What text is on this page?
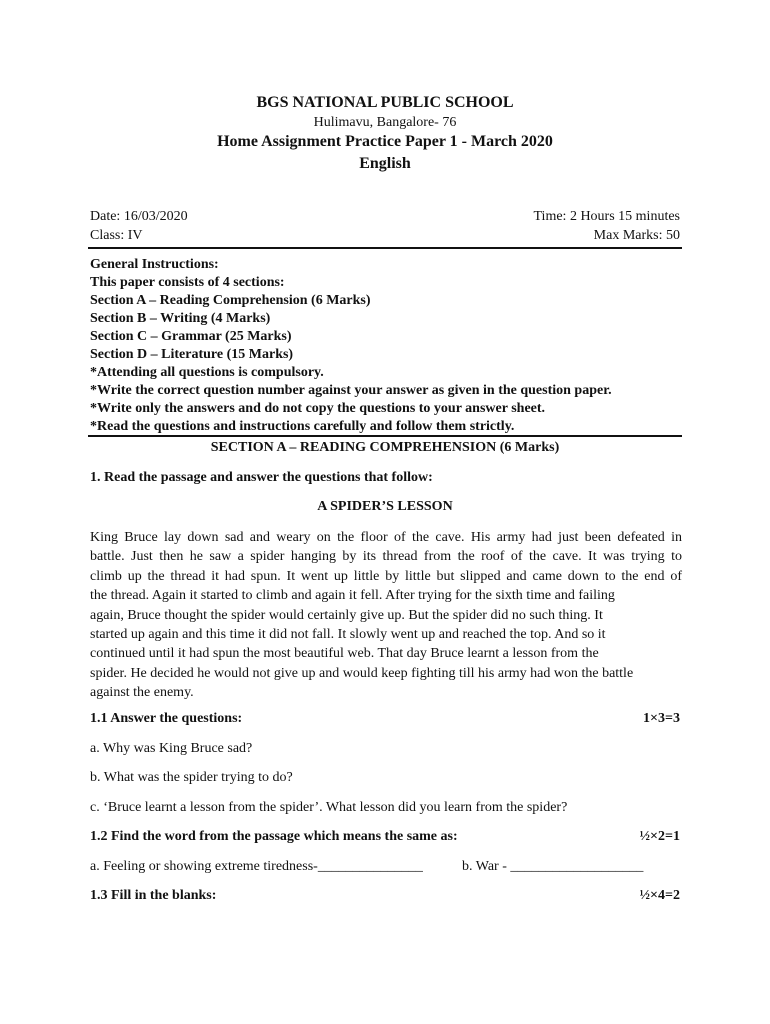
BGS NATIONAL PUBLIC SCHOOL
Hulimavu, Bangalore- 76
Home Assignment Practice Paper 1 - March 2020
English
Date: 16/03/2020	Time: 2 Hours 15 minutes
Class: IV	Max Marks: 50
General Instructions:
This paper consists of 4 sections:
Section A – Reading Comprehension (6 Marks)
Section B – Writing (4 Marks)
Section C – Grammar (25 Marks)
Section D – Literature (15 Marks)
*Attending all questions is compulsory.
*Write the correct question number against your answer as given in the question paper.
*Write only the answers and do not copy the questions to your answer sheet.
*Read the questions and instructions carefully and follow them strictly.
SECTION A – READING COMPREHENSION (6 Marks)
1. Read the passage and answer the questions that follow:
A SPIDER’S LESSON
King Bruce lay down sad and weary on the floor of the cave. His army had just been defeated in
battle. Just then he saw a spider hanging by its thread from the roof of the cave. It was trying to
climb up the thread it had spun. It went up little by little but slipped and came down to the end of
the thread. Again it started to climb and again it fell. After trying for the sixth time and failing
again, Bruce thought the spider would certainly give up. But the spider did no such thing. It
started up again and this time it did not fall. It slowly went up and reached the top. And so it
continued until it had spun the most beautiful web. That day Bruce learnt a lesson from the
spider. He decided he would not give up and would keep fighting till his army had won the battle
against the enemy.
1.1 Answer the questions:	1×3=3
a. Why was King Bruce sad?
b. What was the spider trying to do?
c. ‘Bruce learnt a lesson from the spider’. What lesson did you learn from the spider?
1.2 Find the word from the passage which means the same as:	½×2=1
a. Feeling or showing extreme tiredness-_______________	b. War - ___________________
1.3 Fill in the blanks:	½×4=2
